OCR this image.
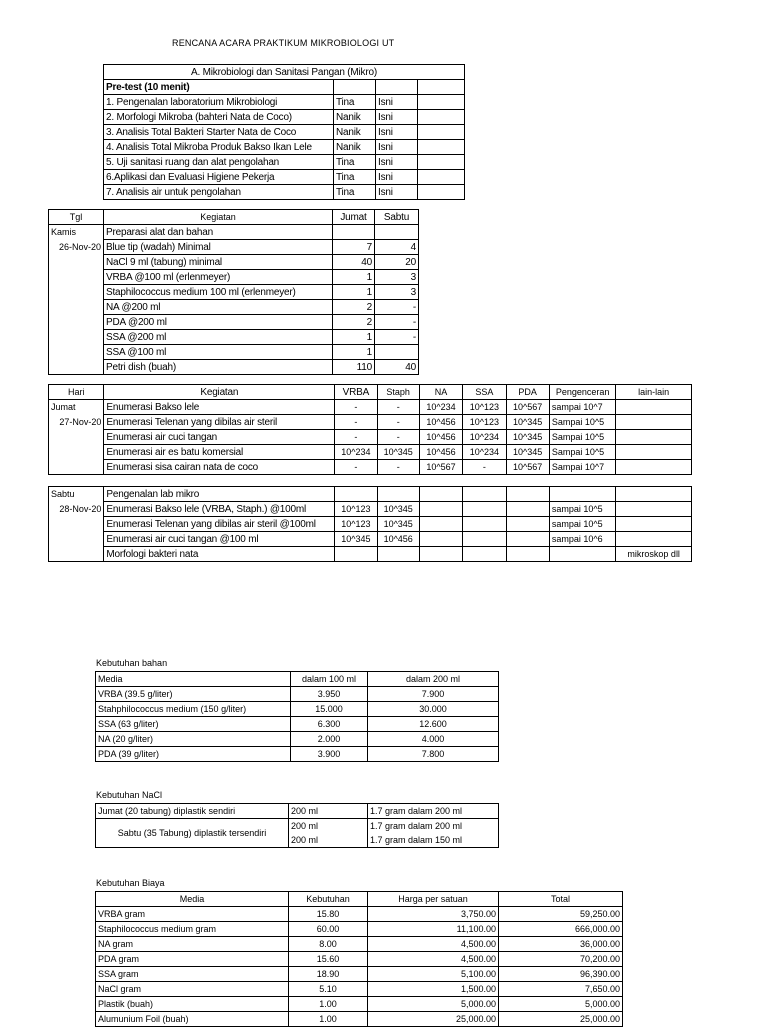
RENCANA ACARA PRAKTIKUM MIKROBIOLOGI UT
A. Mikrobiologi dan Sanitasi Pangan (Mikro)			
Pre-test (10 menit)			
1. Pengenalan laboratorium Mikrobiologi	Tina	Isni	
2. Morfologi Mikroba (bahteri Nata de Coco)	Nanik	Isni	
3. Analisis Total Bakteri Starter Nata de Coco	Nanik	Isni	
4. Analisis Total Mikroba Produk Bakso Ikan Lele	Nanik	Isni	
5. Uji sanitasi ruang dan alat pengolahan	Tina	Isni	
6.Aplikasi dan Evaluasi Higiene Pekerja	Tina	Isni	
7. Analisis air untuk pengolahan	Tina	Isni	
Tgl	Kegiatan	Jumat	Sabtu
Kamis	Preparasi alat dan bahan		
26-Nov-20	Blue tip (wadah) Minimal	7	4
	NaCl 9 ml (tabung) minimal	40	20
	VRBA @100 ml (erlenmeyer)	1	3
	Staphilococcus medium 100 ml (erlenmeyer)	1	3
	NA @200 ml	2	-
	PDA @200 ml	2	-
	SSA @200 ml	1	-
	SSA @100 ml	1	
	Petri dish (buah)	110	40
Hari	Kegiatan	VRBA	Staph	NA	SSA	PDA	Pengenceran	lain-lain
Jumat	Enumerasi Bakso lele	-	-	10^234	10^123	10^567	sampai 10^7	
27-Nov-20	Enumerasi Telenan yang dibilas air steril	-	-	10^456	10^123	10^345	Sampai 10^5	
	Enumerasi air cuci tangan	-	-	10^456	10^234	10^345	Sampai 10^5	
	Enumerasi air es batu komersial	10^234	10^345	10^456	10^234	10^345	Sampai 10^5	
	Enumerasi sisa cairan nata de coco	-	-	10^567	-	10^567	Sampai 10^7	
Sabtu	Pengenalan lab mikro							
28-Nov-20	Enumerasi Bakso lele (VRBA, Staph.) @100ml	10^123	10^345				sampai 10^5	
	Enumerasi Telenan yang dibilas air steril @100ml	10^123	10^345				sampai 10^5	
	Enumerasi air cuci tangan @100 ml	10^345	10^456				sampai 10^6	
	Morfologi bakteri nata							mikroskop dll
Kebutuhan bahan
Media	dalam 100 ml	dalam 200 ml
VRBA (39.5 g/liter)	3.950	7.900
Stahphilococcus medium (150 g/liter)	15.000	30.000
SSA (63 g/liter)	6.300	12.600
NA (20 g/liter)	2.000	4.000
PDA (39 g/liter)	3.900	7.800
Kebutuhan NaCl
Jumat (20 tabung) diplastik sendiri	200 ml	1.7 gram dalam 200 ml
Sabtu (35 Tabung) diplastik tersendiri	200 ml	1.7 gram dalam 200 ml
	200 ml	1.7 gram dalam 150 ml
Kebutuhan Biaya
Media	Kebutuhan	Harga per satuan	Total
VRBA gram	15.80	3,750.00	59,250.00
Staphilococcus medium gram	60.00	11,100.00	666,000.00
NA gram	8.00	4,500.00	36,000.00
PDA gram	15.60	4,500.00	70,200.00
SSA gram	18.90	5,100.00	96,390.00
NaCl gram	5.10	1,500.00	7,650.00
Plastik (buah)	1.00	5,000.00	5,000.00
Alumunium Foil (buah)	1.00	25,000.00	25,000.00
